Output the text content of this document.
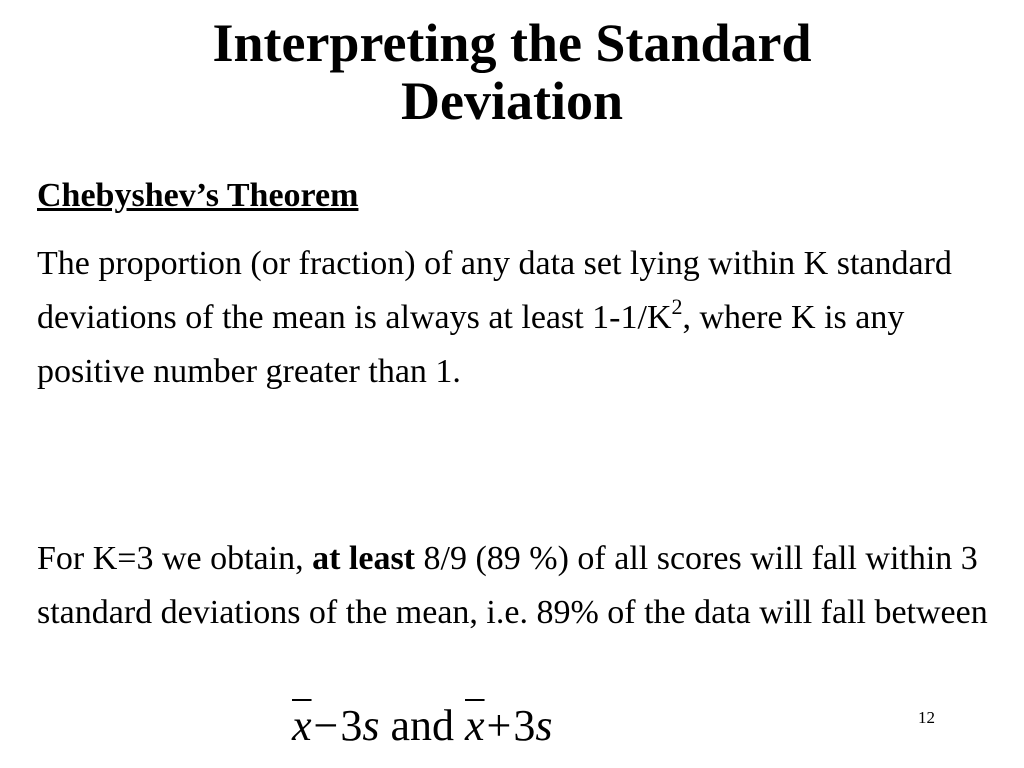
Interpreting the Standard
Deviation

Chebyshev’s Theorem

The proportion (or fraction) of any data set lying within K standard deviations of the mean is always at least $1-1/K^2$, where K is any positive number greater than 1.

For K=3 we obtain, at least 8/9 (89 %) of all scores will fall within 3 standard deviations of the mean, i.e. 89% of the data will fall between

$\overline{x}-3s$ and $\overline{x}+3s$	12
